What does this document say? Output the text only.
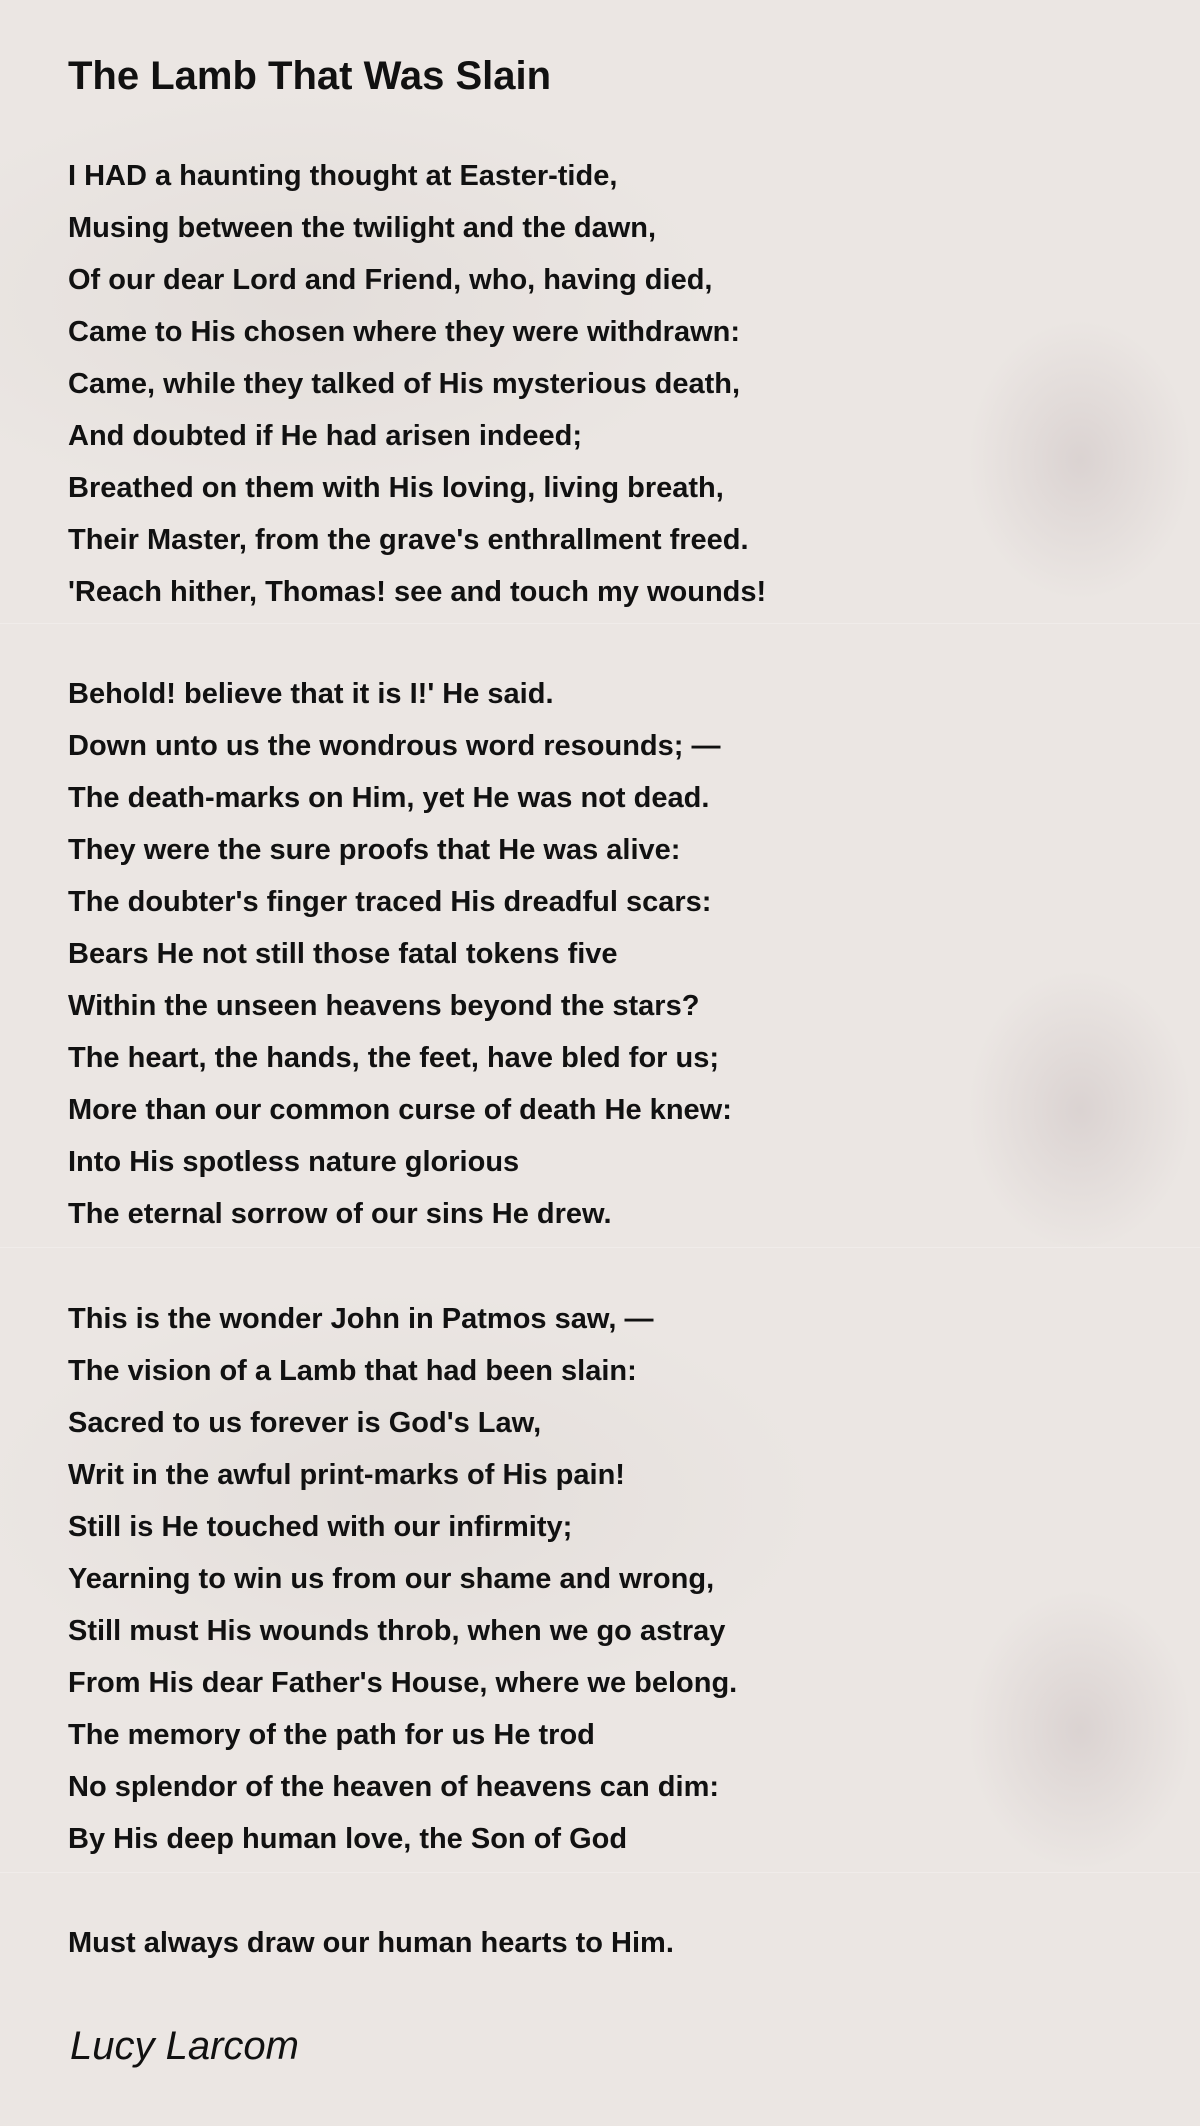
The Lamb That Was Slain
I HAD a haunting thought at Easter-tide,
Musing between the twilight and the dawn,
Of our dear Lord and Friend, who, having died,
Came to His chosen where they were withdrawn:
Came, while they talked of His mysterious death,
And doubted if He had arisen indeed;
Breathed on them with His loving, living breath,
Their Master, from the grave's enthrallment freed.
'Reach hither, Thomas! see and touch my wounds!
Behold! believe that it is I!' He said.
Down unto us the wondrous word resounds; —
The death-marks on Him, yet He was not dead.
They were the sure proofs that He was alive:
The doubter's finger traced His dreadful scars:
Bears He not still those fatal tokens five
Within the unseen heavens beyond the stars?
The heart, the hands, the feet, have bled for us;
More than our common curse of death He knew:
Into His spotless nature glorious
The eternal sorrow of our sins He drew.
This is the wonder John in Patmos saw, —
The vision of a Lamb that had been slain:
Sacred to us forever is God's Law,
Writ in the awful print-marks of His pain!
Still is He touched with our infirmity;
Yearning to win us from our shame and wrong,
Still must His wounds throb, when we go astray
From His dear Father's House, where we belong.
The memory of the path for us He trod
No splendor of the heaven of heavens can dim:
By His deep human love, the Son of God
Must always draw our human hearts to Him.
Lucy Larcom
